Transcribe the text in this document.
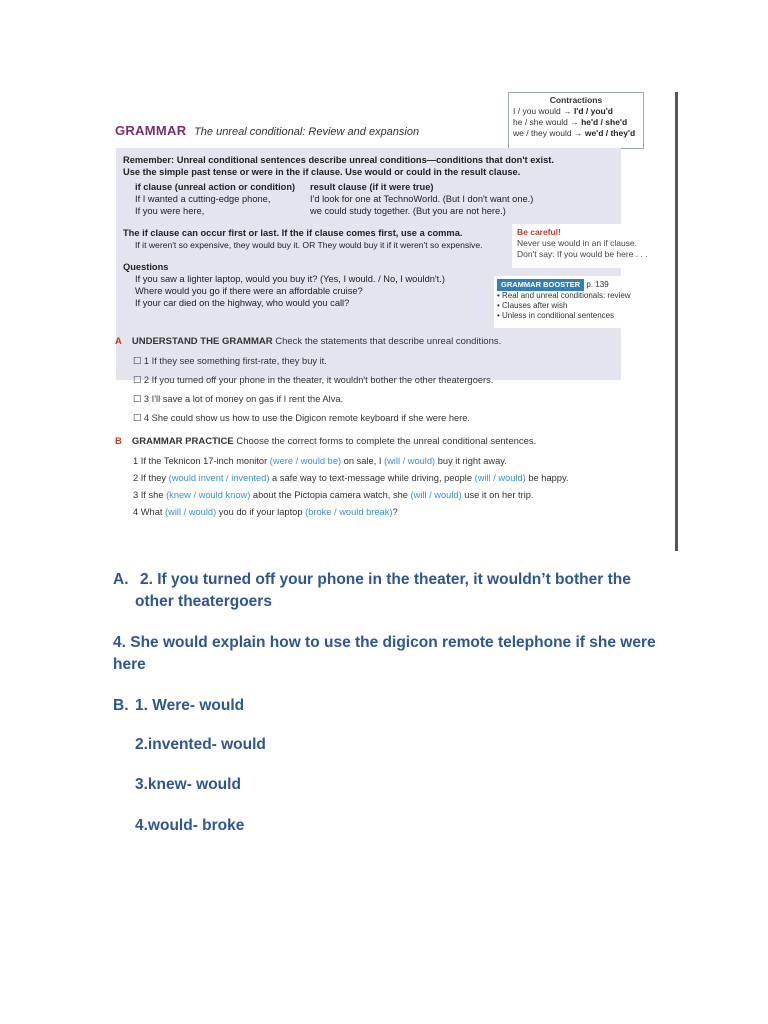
GRAMMAR The unreal conditional: Review and expansion
Contractions
I / you would → I'd / you'd
he / she would → he'd / she'd
we / they would → we'd / they'd
Remember: Unreal conditional sentences describe unreal conditions—conditions that don't exist.
Use the simple past tense or were in the if clause. Use would or could in the result clause.
if clause (unreal action or condition) result clause (if it were true)
If I wanted a cutting-edge phone,	I'd look for one at TechnoWorld. (But I don't want one.)
If you were here,	we could study together. (But you are not here.)
The if clause can occur first or last. If the if clause comes first, use a comma.
If it weren't so expensive, they would buy it. OR They would buy it if it weren't so expensive.
Questions
If you saw a lighter laptop, would you buy it? (Yes, I would. / No, I wouldn't.)
Where would you go if there were an affordable cruise?
If your car died on the highway, who would you call?
Be careful!
Never use would in an if clause.
Don't say: If you would be here . . .
GRAMMAR BOOSTER p. 139
• Real and unreal conditionals: review
• Clauses after wish
• Unless in conditional sentences
A UNDERSTAND THE GRAMMAR Check the statements that describe unreal conditions.
☐ 1 If they see something first-rate, they buy it.
☐ 2 If you turned off your phone in the theater, it wouldn't bother the other theatergoers.
☐ 3 I'll save a lot of money on gas if I rent the Alva.
☐ 4 She could show us how to use the Digicon remote keyboard if she were here.
B GRAMMAR PRACTICE Choose the correct forms to complete the unreal conditional sentences.
1 If the Teknicon 17-inch monitor (were / would be) on sale, I (will / would) buy it right away.
2 If they (would invent / invented) a safe way to text-message while driving, people (will / would) be happy.
3 If she (knew / would know) about the Pictopia camera watch, she (will / would) use it on her trip.
4 What (will / would) you do if your laptop (broke / would break)?
A. 2. If you turned off your phone in the theater, it wouldn’t bother the
other theatergoers
4. She would explain how to use the digicon remote telephone if she were
here
B. 1. Were- would
2.invented- would
3.knew- would
4.would- broke
